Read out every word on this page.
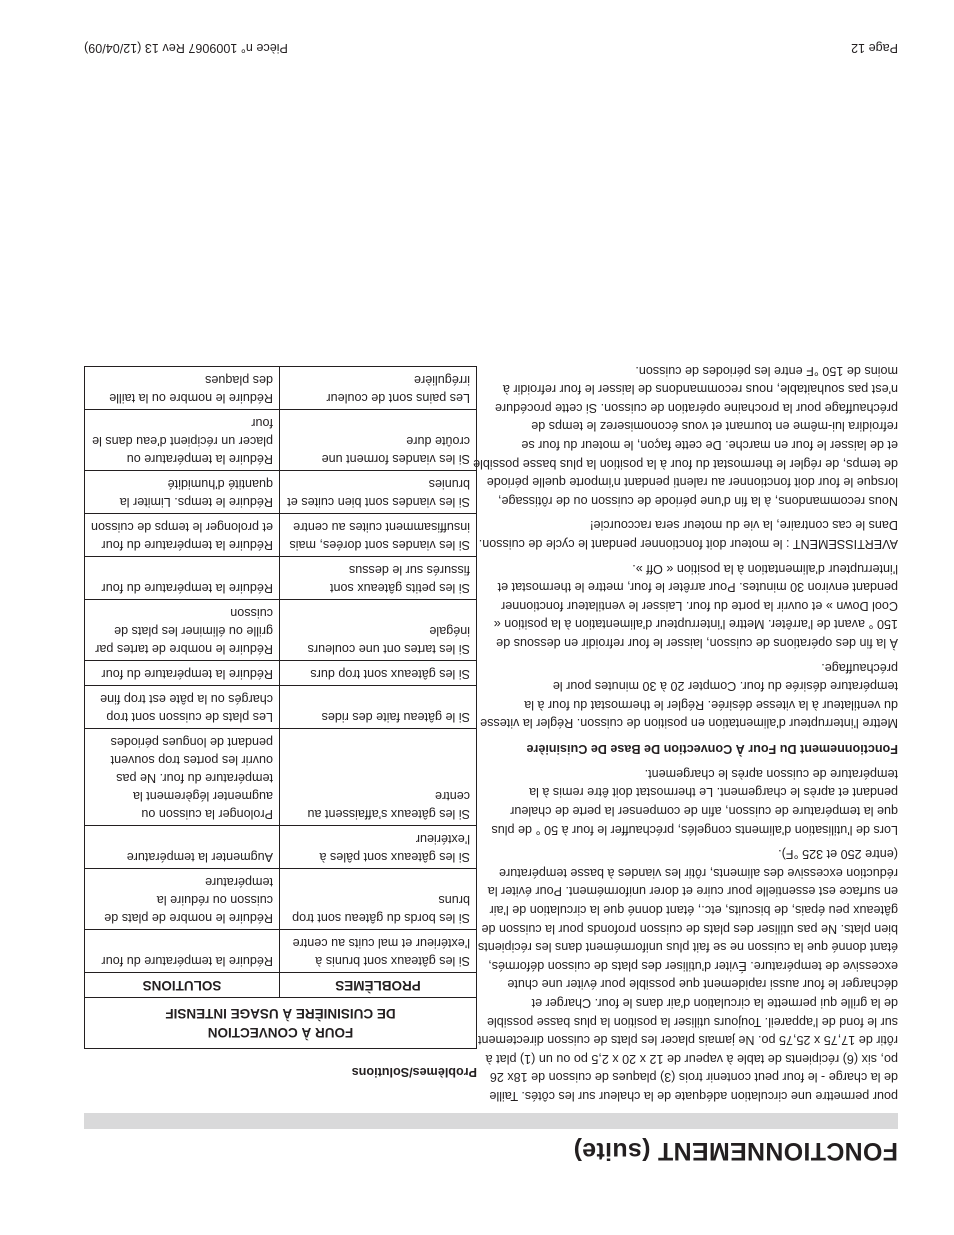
FONCTIONNEMENT (suite)

pour permettre une circulation adéquate de la chaleur sur les côtés. Taille de la charge - le four peut contenir trois (3) plaques de cuisson de 18x 26 po, six (6) récipients de table à vapeur de 12 x 20 x 2,5 po ou un (1) plat à rôtir de 17,75 x 25,75 po. Ne jamais placer les plats de cuisson directement sur le fond de l'appareil. Toujours utiliser la position la plus basse possible de la grille qui permette la circulation d'air dans le four. Charger et décharger le four aussi rapidement que possible pour éviter une chute excessive de température. Éviter d'utiliser des plats de cuisson déformés, étant donné que la cuisson ne se fait plus uniformément dans les récipients bien plats. Ne pas utiliser des plats de cuisson profonds pour la cuisson de gâteaux peu épais, de biscuits, etc., étant donné que la circulation de l'air en surface est essentielle pour cuire et dorer uniformément. Pour éviter la réduction excessive des aliments, rôtir les viandes à basse température (entre 250 et 325 °F).

Lors de l'utilisation d'aliments congelés, préchauffer le four à 50 ° de plus que la température de cuisson, afin de compenser la perte de chaleur pendant et après le chargement. Le thermostat doit être remis à la température de cuisson après le chargement.

Fonctionnement Du Four À Convection De Base De Cuisinière

Mettre l'interrupteur d'alimentation en position de cuisson. Régler la vitesse du ventilateur à la vitesse désirée. Régler le thermostat du four à la température désirée du four. Compter 20 à 30 minutes pour le préchauffage.

À la fin des opérations de cuisson, laisser le four refroidir en dessous de 150 ° avant de l'arrêter. Mettre l'interrupteur d'alimentation à la position « Cool Down » et ouvrir la porte du four. Laisser le ventilateur fonctionner pendant environ 30 minutes. Pour arrêter le four, mettre le thermostat et l'interrupteur d'alimentation à la position « Off ».

AVERTISSEMENT : le moteur doit fonctionner pendant le cycle de cuisson. Dans le cas contraire, la vie du moteur sera raccourcie!

Nous recommandons, à la fin d'une période de cuisson ou de rôtissage, lorsque le four doit fonctionner au ralenti pendant n'importe quelle période de temps, de régler le thermostat du four à la position la plus basse possible et de laisser le four en marche. De cette façon, le moteur du four se refroidira lui-même en tournant et vous économiserez le temps de préchauffage pour la prochaine opération de cuisson. Si cette procédure n'est pas souhaitable, nous recommandons de laisser le four refroidir à moins de 150 °F entre les périodes de cuisson.

Problèmes/Solutions
FOUR À CONVECTION
DE CUISINIÈRE À USAGE INTENSIF	
PROBLÈMES	SOLUTIONS
Si les gâteaux sont brunis à l'extérieur et mal cuits au centre	Réduire la température du four
Si les bords du gâteau sont trop bruns	Réduire le nombre de plats de cuisson ou réduire la température
Si les gâteaux sont pâles à l'extérieur	Augmenter la température
Si les gâteaux s'affaissent au centre	Prolonger la cuisson ou augmenter légèrement la température du four. Ne pas ouvrir les portes trop souvent pendant de longues périodes
Si le gâteau faite des rides	Les plats de cuisson sont trop chargés ou la pâte est trop fine
Si les gâteaux sont trop durs	Réduire la température du four
Si les tartes ont une couleurs inégale	Réduire le nombre de tartes par grille ou éliminer les plats de cuisson
Si les petits gâteaux sont fissurés sur le dessus	Réduire la température du four
Si les viandes sont dorées, mais insuffisamment cuites au centre	Réduire la température du four et prolonger le temps de cuisson
Si les viandes sont bien cuites et brunies	Réduire le temps. Limiter la quantité d'humidité
Si les viandes forment une croûte dure	Réduire la température ou placer un récipient d'eau dans le four
Les pains sont de couleur irrégulière	Réduire le nombre ou la taille des plaques
Page 12
Pièce n° 1009067 Rev 13 (12/04/09)
